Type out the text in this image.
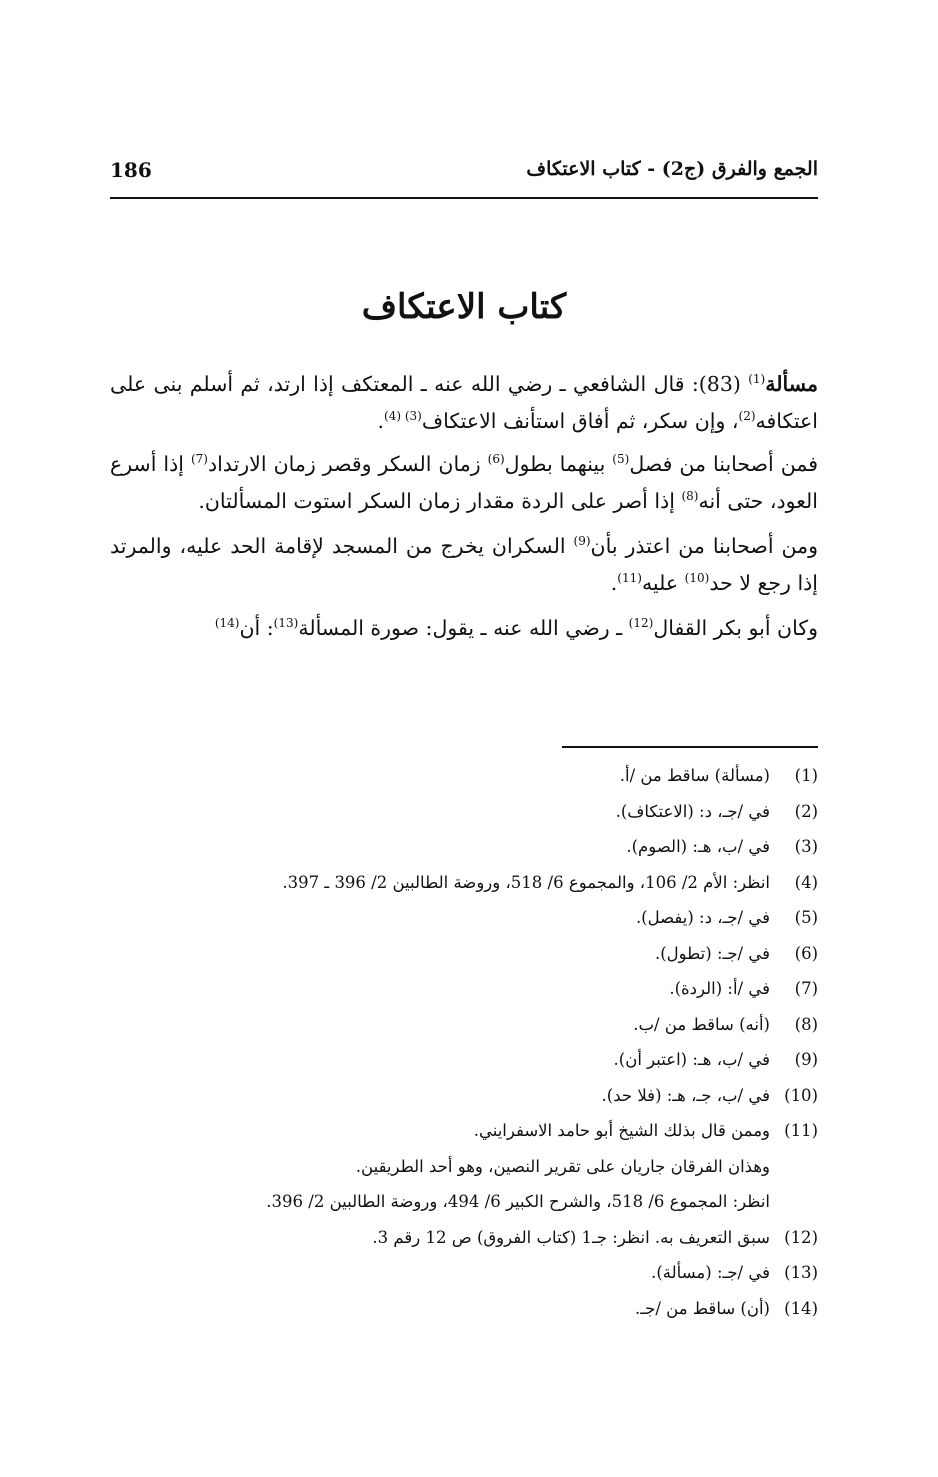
الجمع والفرق (ج2) - كتاب الاعتكاف
186
كتاب الاعتكاف

مسألة$^{(1)}$ (83): قال الشافعي ـ رضي الله عنه ـ المعتكف إذا ارتد، ثم أسلم بنى على اعتكافه$^{(2)}$، وإن سكر، ثم أفاق استأنف الاعتكاف$^{(3) (4)}$.

فمن أصحابنا من فصل$^{(5)}$ بينهما بطول$^{(6)}$ زمان السكر وقصر زمان الارتداد$^{(7)}$ إذا أسرع العود، حتى أنه$^{(8)}$ إذا أصر على الردة مقدار زمان السكر استوت المسألتان.

ومن أصحابنا من اعتذر بأن$^{(9)}$ السكران يخرج من المسجد لإقامة الحد عليه، والمرتد إذا رجع لا حد$^{(10)}$ عليه$^{(11)}$.

وكان أبو بكر القفال$^{(12)}$ ـ رضي الله عنه ـ يقول: صورة المسألة$^{(13)}$: أن$^{(14)}$

(1)
(مسألة) ساقط من /أ.
(2)
في /جـ، د: (الاعتكاف).
(3)
في /ب، هـ: (الصوم).
(4)
انظر: الأم 2/ 106، والمجموع 6/ 518، وروضة الطالبين 2/ 396 ـ 397.
(5)
في /جـ، د: (يفصل).
(6)
في /جـ: (تطول).
(7)
في /أ: (الردة).
(8)
(أنه) ساقط من /ب.
(9)
في /ب، هـ: (اعتبر أن).
(10)
في /ب، جـ، هـ: (فلا حد).
(11)
وممن قال بذلك الشيخ أبو حامد الاسفرايني.
وهذان الفرقان جاريان على تقرير النصين، وهو أحد الطريقين.
انظر: المجموع 6/ 518، والشرح الكبير 6/ 494، وروضة الطالبين 2/ 396.
(12)
سبق التعريف به. انظر: جـ1 (كتاب الفروق) ص 12 رقم 3.
(13)
في /جـ: (مسألة).
(14)
(أن) ساقط من /جـ.
